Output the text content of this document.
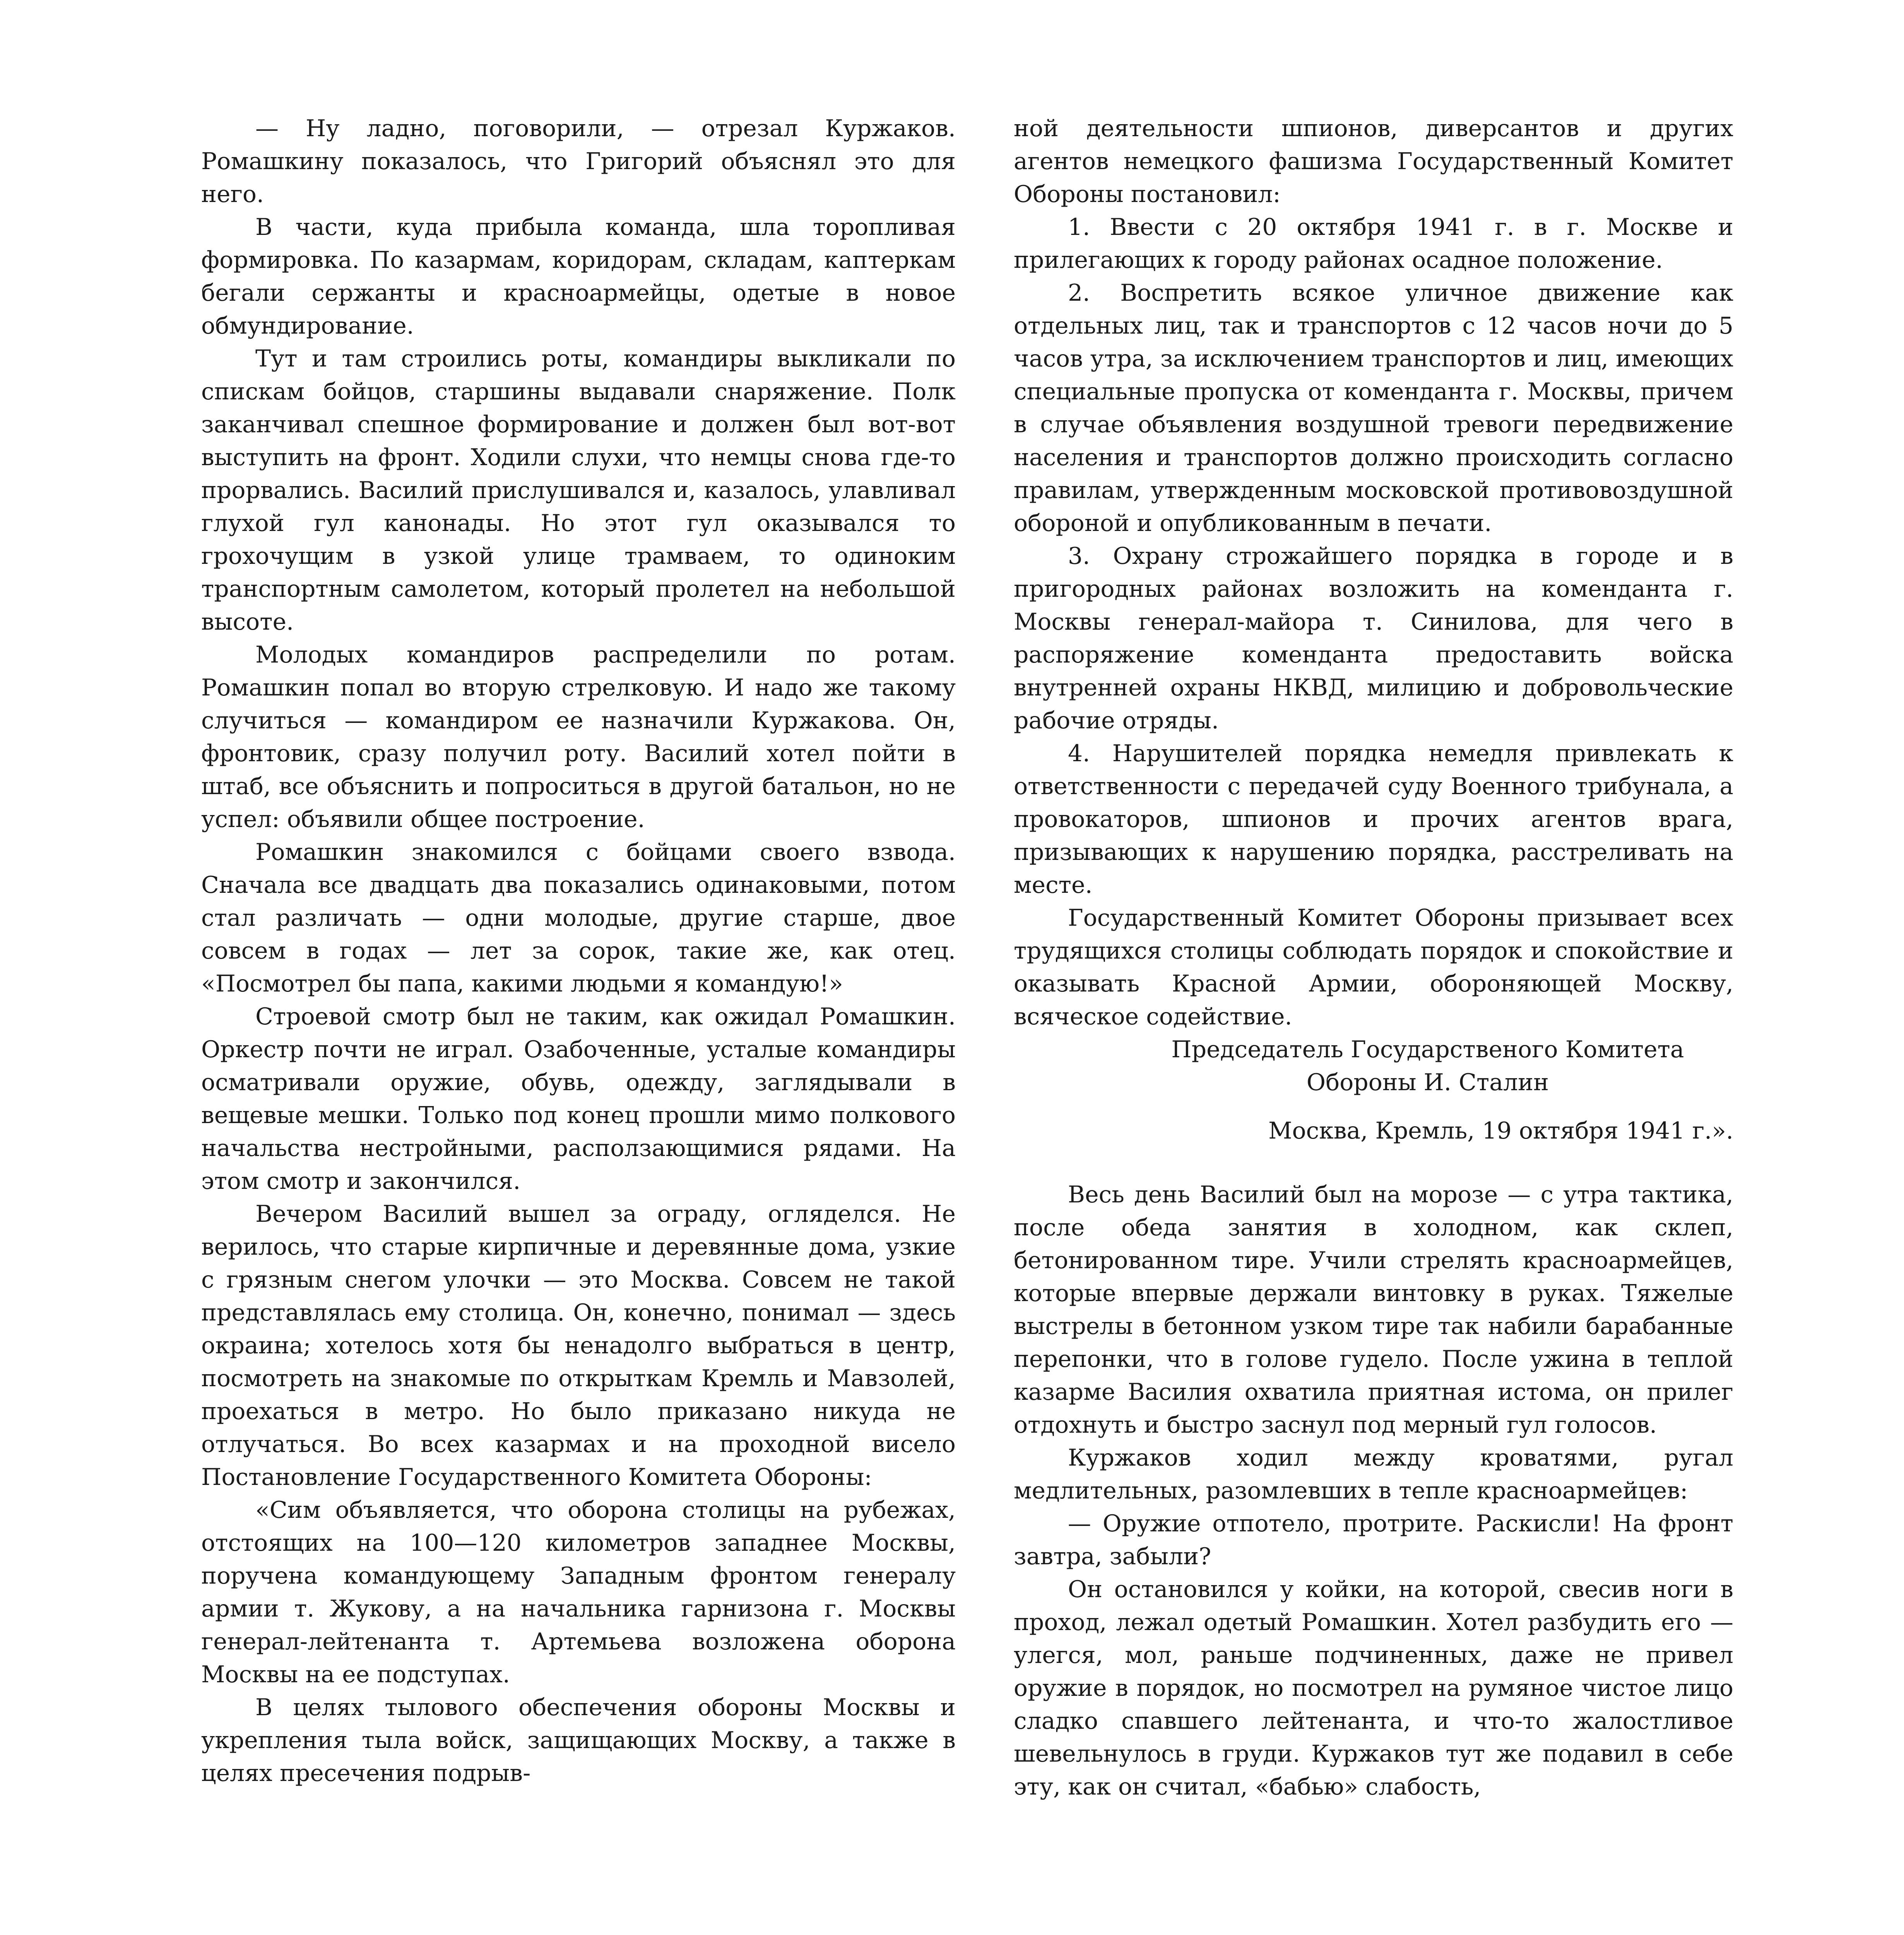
— Ну ладно, поговорили, — отрезал Куржаков. Ромашкину показалось, что Григорий объяснял это для него.

В части, куда прибыла команда, шла торопливая формировка. По казармам, коридорам, складам, каптеркам бегали сержанты и красноармейцы, одетые в новое обмундирование.

Тут и там строились роты, командиры выкликали по спискам бойцов, старшины выдавали снаряжение. Полк заканчивал спешное формирование и должен был вот-вот выступить на фронт. Ходили слухи, что немцы снова где-то прорвались. Василий прислушивался и, казалось, улавливал глухой гул канонады. Но этот гул оказывался то грохочущим в узкой улице трамваем, то одиноким транспортным самолетом, который пролетел на небольшой высоте.

Молодых командиров распределили по ротам. Ромашкин попал во вторую стрелковую. И надо же такому случиться — командиром ее назначили Куржакова. Он, фронтовик, сразу получил роту. Василий хотел пойти в штаб, все объяснить и попроситься в другой батальон, но не успел: объявили общее построение.

Ромашкин знакомился с бойцами своего взвода. Сначала все двадцать два показались одинаковыми, потом стал различать — одни молодые, другие старше, двое совсем в годах — лет за сорок, такие же, как отец. «Посмотрел бы папа, какими людьми я командую!»

Строевой смотр был не таким, как ожидал Ромашкин. Оркестр почти не играл. Озабоченные, усталые командиры осматривали оружие, обувь, одежду, заглядывали в вещевые мешки. Только под конец прошли мимо полкового начальства нестройными, расползающимися рядами. На этом смотр и закончился.

Вечером Василий вышел за ограду, огляделся. Не верилось, что старые кирпичные и деревянные дома, узкие с грязным снегом улочки — это Москва. Совсем не такой представлялась ему столица. Он, конечно, понимал — здесь окраина; хотелось хотя бы ненадолго выбраться в центр, посмотреть на знакомые по открыткам Кремль и Мавзолей, проехаться в метро. Но было приказано никуда не отлучаться. Во всех казармах и на проходной висело Постановление Государственного Комитета Обороны:

«Сим объявляется, что оборона столицы на рубежах, отстоящих на 100—120 километров западнее Москвы, поручена командующему Западным фронтом генералу армии т. Жукову, а на начальника гарнизона г. Москвы генерал-лейтенанта т. Артемьева возложена оборона Москвы на ее подступах.

В целях тылового обеспечения обороны Москвы и укрепления тыла войск, защищающих Москву, а также в целях пресечения подрыв-

ной деятельности шпионов, диверсантов и других агентов немецкого фашизма Государственный Комитет Обороны постановил:

1. Ввести с 20 октября 1941 г. в г. Москве и прилегающих к городу районах осадное положение.

2. Воспретить всякое уличное движение как отдельных лиц, так и транспортов с 12 часов ночи до 5 часов утра, за исключением транспортов и лиц, имеющих специальные пропуска от коменданта г. Москвы, причем в случае объявления воздушной тревоги передвижение населения и транспортов должно происходить согласно правилам, утвержденным московской противовоздушной обороной и опубликованным в печати.

3. Охрану строжайшего порядка в городе и в пригородных районах возложить на коменданта г. Москвы генерал-майора т. Синилова, для чего в распоряжение коменданта предоставить войска внутренней охраны НКВД, милицию и добровольческие рабочие отряды.

4. Нарушителей порядка немедля привлекать к ответственности с передачей суду Военного трибунала, а провокаторов, шпионов и прочих агентов врага, призывающих к нарушению порядка, расстреливать на месте.

Государственный Комитет Обороны призывает всех трудящихся столицы соблюдать порядок и спокойствие и оказывать Красной Армии, обороняющей Москву, всяческое содействие.

Председатель Государственого Комитета Обороны И. Сталин
Москва, Кремль, 19 октября 1941 г.».

Весь день Василий был на морозе — с утра тактика, после обеда занятия в холодном, как склеп, бетонированном тире. Учили стрелять красноармейцев, которые впервые держали винтовку в руках. Тяжелые выстрелы в бетонном узком тире так набили барабанные перепонки, что в голове гудело. После ужина в теплой казарме Василия охватила приятная истома, он прилег отдохнуть и быстро заснул под мерный гул голосов.

Куржаков ходил между кроватями, ругал медлительных, разомлевших в тепле красноармейцев:

— Оружие отпотело, протрите. Раскисли! На фронт завтра, забыли?

Он остановился у койки, на которой, свесив ноги в проход, лежал одетый Ромашкин. Хотел разбудить его — улегся, мол, раньше подчиненных, даже не привел оружие в порядок, но посмотрел на румяное чистое лицо сладко спавшего лейтенанта, и что-то жалостливое шевельнулось в груди. Куржаков тут же подавил в себе эту, как он считал, «бабью» слабость,
